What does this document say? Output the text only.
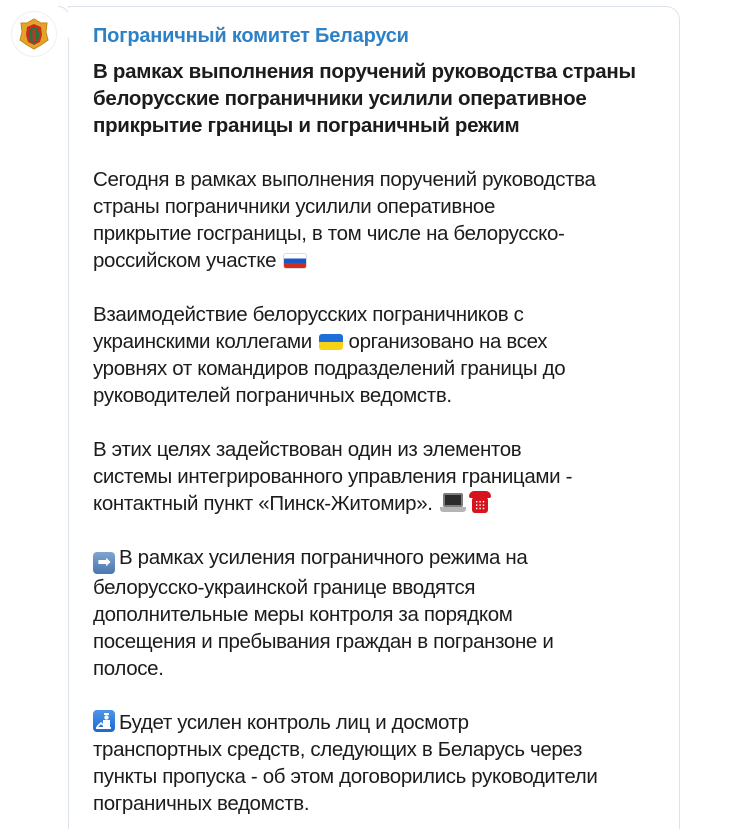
Пограничный комитет Беларуси
В рамках выполнения поручений руководства страны
белорусские пограничники усилили оперативное
прикрытие границы и пограничный режим
Сегодня в рамках выполнения поручений руководства
страны пограничники усилили оперативное
прикрытие госграницы, в том числе на белорусско-
российском участке
Взаимодействие белорусских пограничников с
украинскими коллегами организовано на всех
уровнях от командиров подразделений границы до
руководителей пограничных ведомств.
В этих целях задействован один из элементов
системы интегрированного управления границами -
контактный пункт «Пинск-Житомир».
➡ В рамках усиления пограничного режима на
белорусско-украинской границе вводятся
дополнительные меры контроля за порядком
посещения и пребывания граждан в погранзоне и
полосе.
Будет усилен контроль лиц и досмотр
транспортных средств, следующих в Беларусь через
пункты пропуска - об этом договорились руководители
пограничных ведомств.
